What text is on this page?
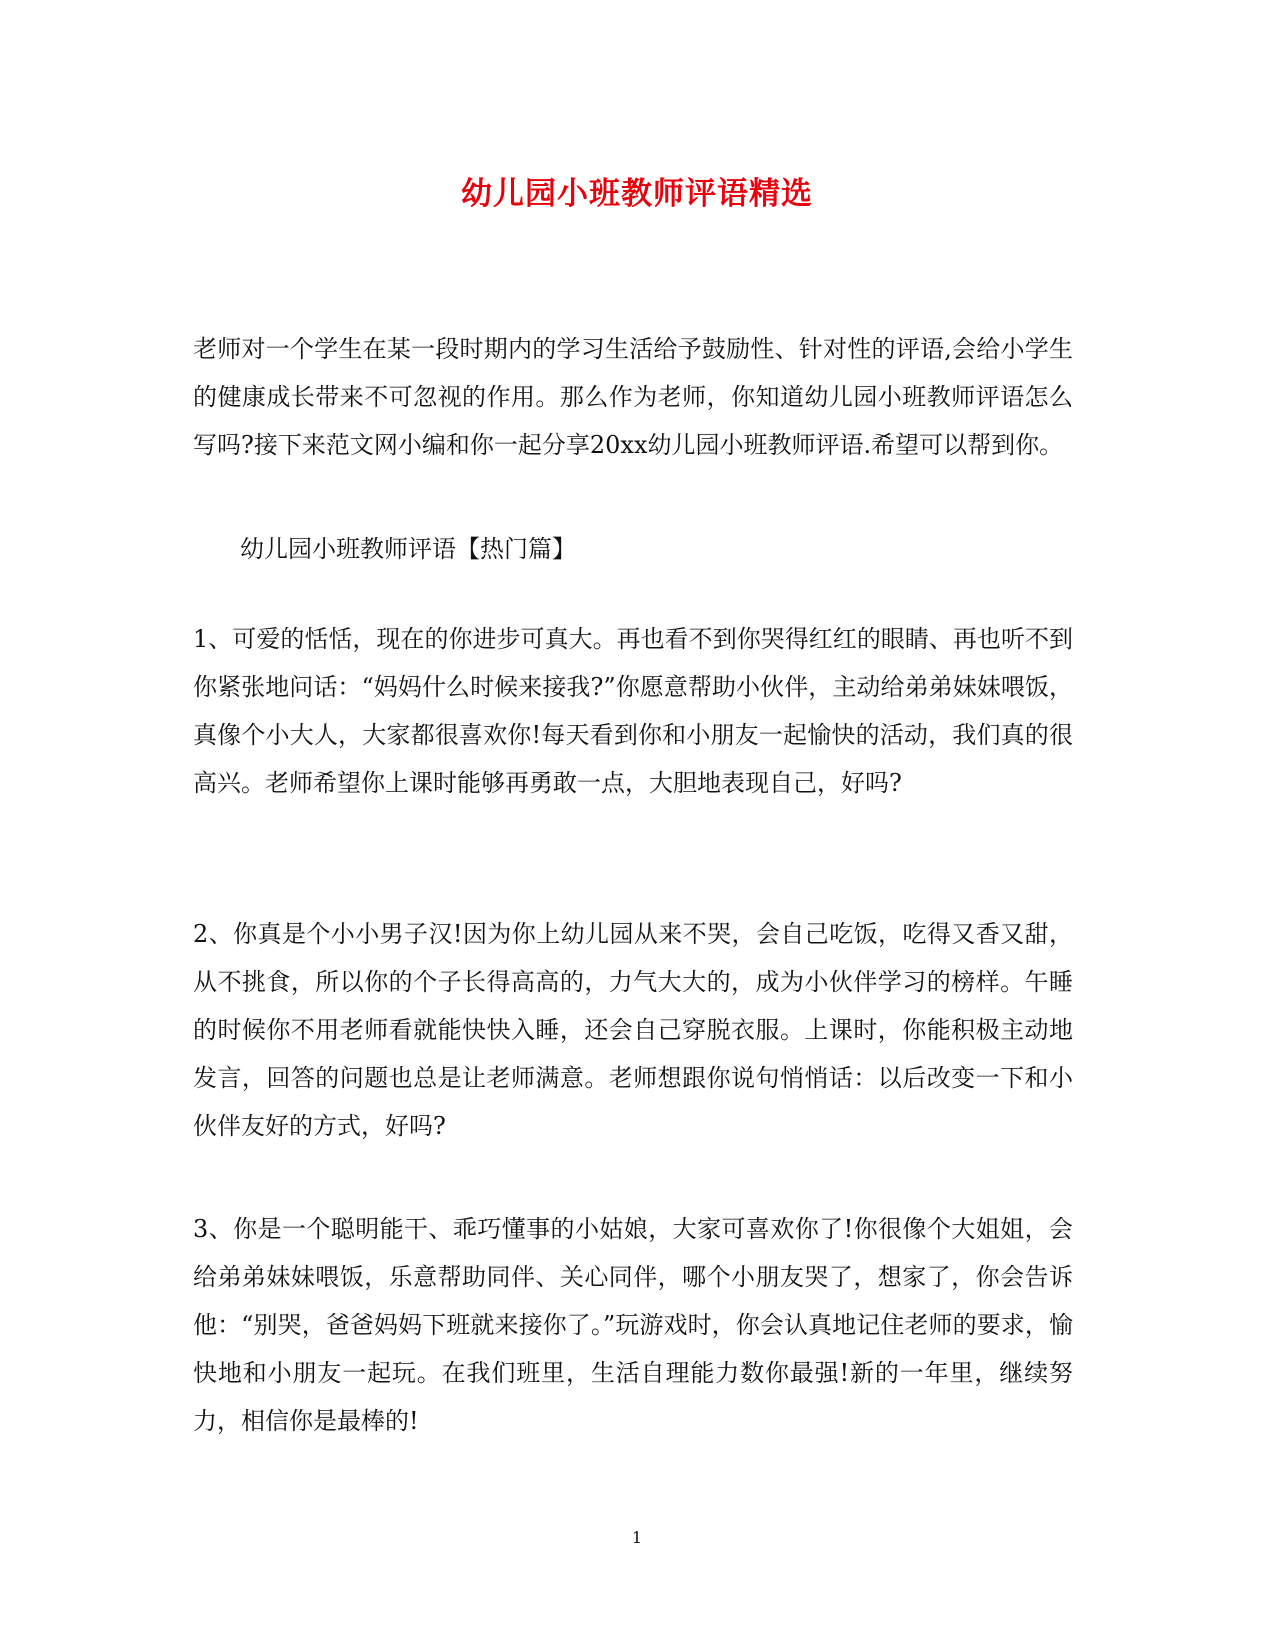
幼儿园小班教师评语精选

老师对一个学生在某一段时期内的学习生活给予鼓励性、针对性的评语,会给小学生的健康成长带来不可忽视的作用。那么作为老师，你知道幼儿园小班教师评语怎么写吗?接下来范文网小编和你一起分享20xx幼儿园小班教师评语.希望可以帮到你。

幼儿园小班教师评语【热门篇】

1、可爱的恬恬，现在的你进步可真大。再也看不到你哭得红红的眼睛、再也听不到你紧张地问话：“妈妈什么时候来接我?”你愿意帮助小伙伴，主动给弟弟妹妹喂饭，真像个小大人，大家都很喜欢你!每天看到你和小朋友一起愉快的活动，我们真的很高兴。老师希望你上课时能够再勇敢一点，大胆地表现自己，好吗?

2、你真是个小小男子汉!因为你上幼儿园从来不哭，会自己吃饭，吃得又香又甜，从不挑食，所以你的个子长得高高的，力气大大的，成为小伙伴学习的榜样。午睡的时候你不用老师看就能快快入睡，还会自己穿脱衣服。上课时，你能积极主动地发言，回答的问题也总是让老师满意。老师想跟你说句悄悄话：以后改变一下和小伙伴友好的方式，好吗?

3、你是一个聪明能干、乖巧懂事的小姑娘，大家可喜欢你了!你很像个大姐姐，会给弟弟妹妹喂饭，乐意帮助同伴、关心同伴，哪个小朋友哭了，想家了，你会告诉他：“别哭，爸爸妈妈下班就来接你了。”玩游戏时，你会认真地记住老师的要求，愉快地和小朋友一起玩。在我们班里，生活自理能力数你最强!新的一年里，继续努力，相信你是最棒的!

1
